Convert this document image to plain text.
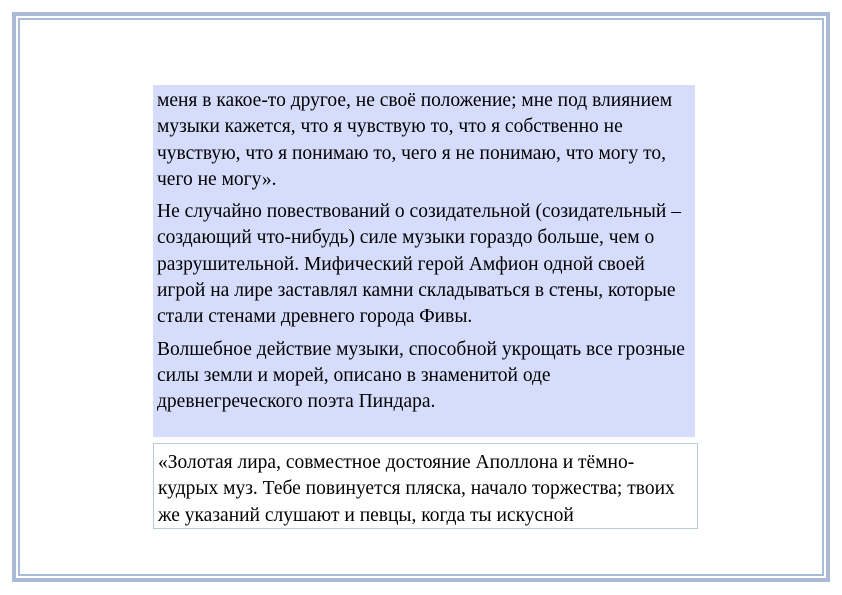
меня в какое-то другое, не своё положение; мне под влиянием музыки кажется, что я чувствую то, что я собственно не чувствую, что я понимаю то, чего я не понимаю, что могу то, чего не могу».

Не случайно повествований о созидательной (созидательный – создающий что-нибудь) силе музыки гораздо больше, чем о разрушительной. Мифический герой Амфион одной своей игрой на лире заставлял камни складываться в стены, которые стали стенами древнего города Фивы.

Волшебное действие музыки, способной укрощать все грозные силы земли и морей, описано в знаменитой оде древнегреческого поэта Пиндара.

«Золотая лира, совместное достояние Аполлона и тёмно-кудрых муз. Тебе повинуется пляска, начало торжества; твоих же указаний слушают и певцы, когда ты искусной
